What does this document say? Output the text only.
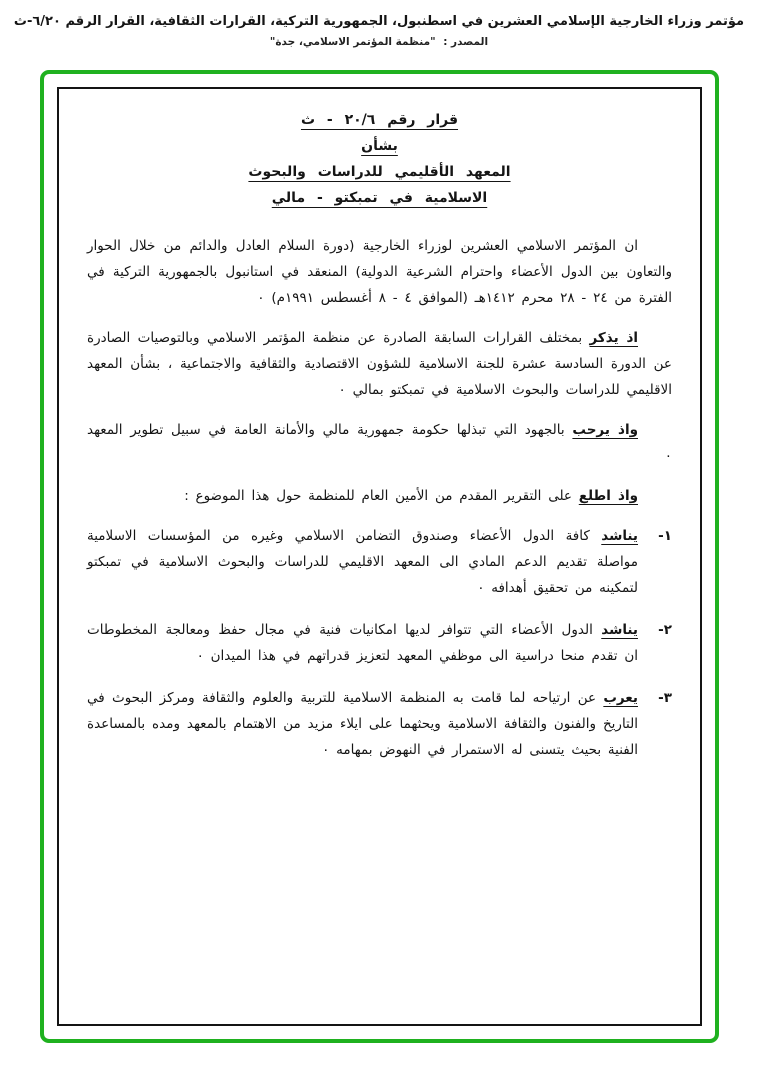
مؤتمر وزراء الخارجية الإسلامي العشرين في اسطنبول، الجمهورية التركية، القرارات الثقافية، القرار الرقم ٦/٢٠-ث
المصدر : "منظمة المؤتمر الاسلامي، جدة"
قرار رقم ٢٠/٦ - ث
بشأن
المعهد الأقليمي للدراسات والبحوث
الاسلامية في تمبكتو - مالي

ان المؤتمر الاسلامي العشرين لوزراء الخارجية (دورة السلام العادل والدائم من خلال الحوار والتعاون بين الدول الأعضاء واحترام الشرعية الدولية) المنعقد في استانبول بالجمهورية التركية في الفترة من ٢٤ - ٢٨ محرم ١٤١٢هـ (الموافق ٤ - ٨ أغسطس ١٩٩١م) ٠

اذ يذكر بمختلف القرارات السابقة الصادرة عن منظمة المؤتمر الاسلامي وبالتوصيات الصادرة عن الدورة السادسة عشرة للجنة الاسلامية للشؤون الاقتصادية والثقافية والاجتماعية ، بشأن المعهد الاقليمي للدراسات والبحوث الاسلامية في تمبكتو بمالي ٠

واذ يرحب بالجهود التي تبذلها حكومة جمهورية مالي والأمانة العامة في سبيل تطوير المعهد ٠

واذ اطلع على التقرير المقدم من الأمين العام للمنظمة حول هذا الموضوع :

١-
يناشد كافة الدول الأعضاء وصندوق التضامن الاسلامي وغيره من المؤسسات الاسلامية مواصلة تقديم الدعم المادي الى المعهد الاقليمي للدراسات والبحوث الاسلامية في تمبكتو لتمكينه من تحقيق أهدافه ٠
٢-
يناشد الدول الأعضاء التي تتوافر لديها امكانيات فنية في مجال حفظ ومعالجة المخطوطات ان تقدم منحا دراسية الى موظفي المعهد لتعزيز قدراتهم في هذا الميدان ٠
٣-
يعرب عن ارتياحه لما قامت به المنظمة الاسلامية للتربية والعلوم والثقافة ومركز البحوث في التاريخ والفنون والثقافة الاسلامية ويحثهما على ايلاء مزيد من الاهتمام بالمعهد ومده بالمساعدة الفنية بحيث يتسنى له الاستمرار في النهوض بمهامه ٠
